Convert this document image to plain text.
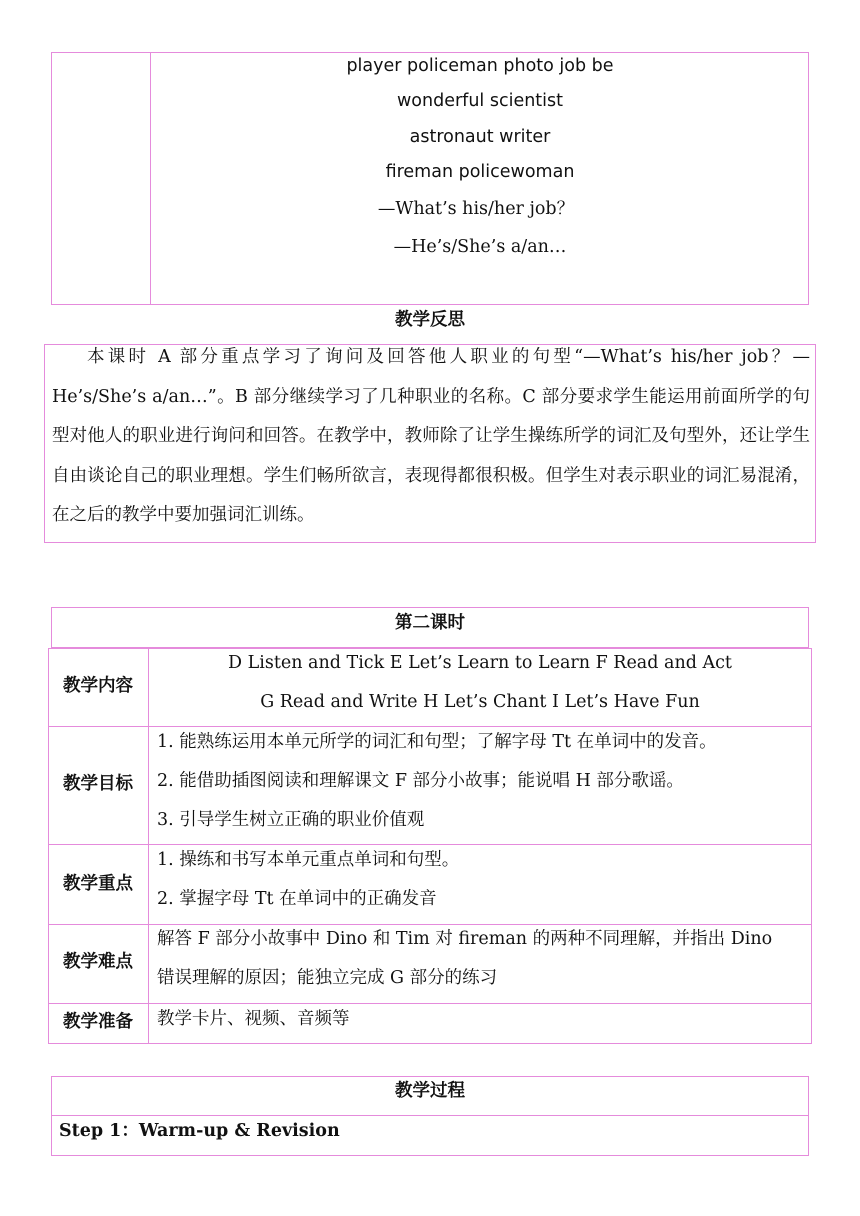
player policeman photo job be
wonderful scientist
astronaut writer
fireman policewoman
—What’s his/her job？
—He’s/She’s a/an…
教学反思
本课时 A 部分重点学习了询问及回答他人职业的句型“—What’s his/her job？—He’s/She’s a/an…”。B 部分继续学习了几种职业的名称。C 部分要求学生能运用前面所学的句型对他人的职业进行询问和回答。在教学中，教师除了让学生操练所学的词汇及句型外，还让学生自由谈论自己的职业理想。学生们畅所欲言，表现得都很积极。但学生对表示职业的词汇易混淆，在之后的教学中要加强词汇训练。
第二课时
教学内容
D Listen and Tick E Let’s Learn to Learn F Read and Act
G Read and Write H Let’s Chant I Let’s Have Fun
教学目标
1. 能熟练运用本单元所学的词汇和句型；了解字母 Tt 在单词中的发音。
2. 能借助插图阅读和理解课文 F 部分小故事；能说唱 H 部分歌谣。
3. 引导学生树立正确的职业价值观
教学重点
1. 操练和书写本单元重点单词和句型。
2. 掌握字母 Tt 在单词中的正确发音
教学难点
解答 F 部分小故事中 Dino 和 Tim 对 fireman 的两种不同理解，并指出 Dino
错误理解的原因；能独立完成 G 部分的练习
教学准备	教学卡片、视频、音频等
教学过程
Step 1：Warm-up & Revision
